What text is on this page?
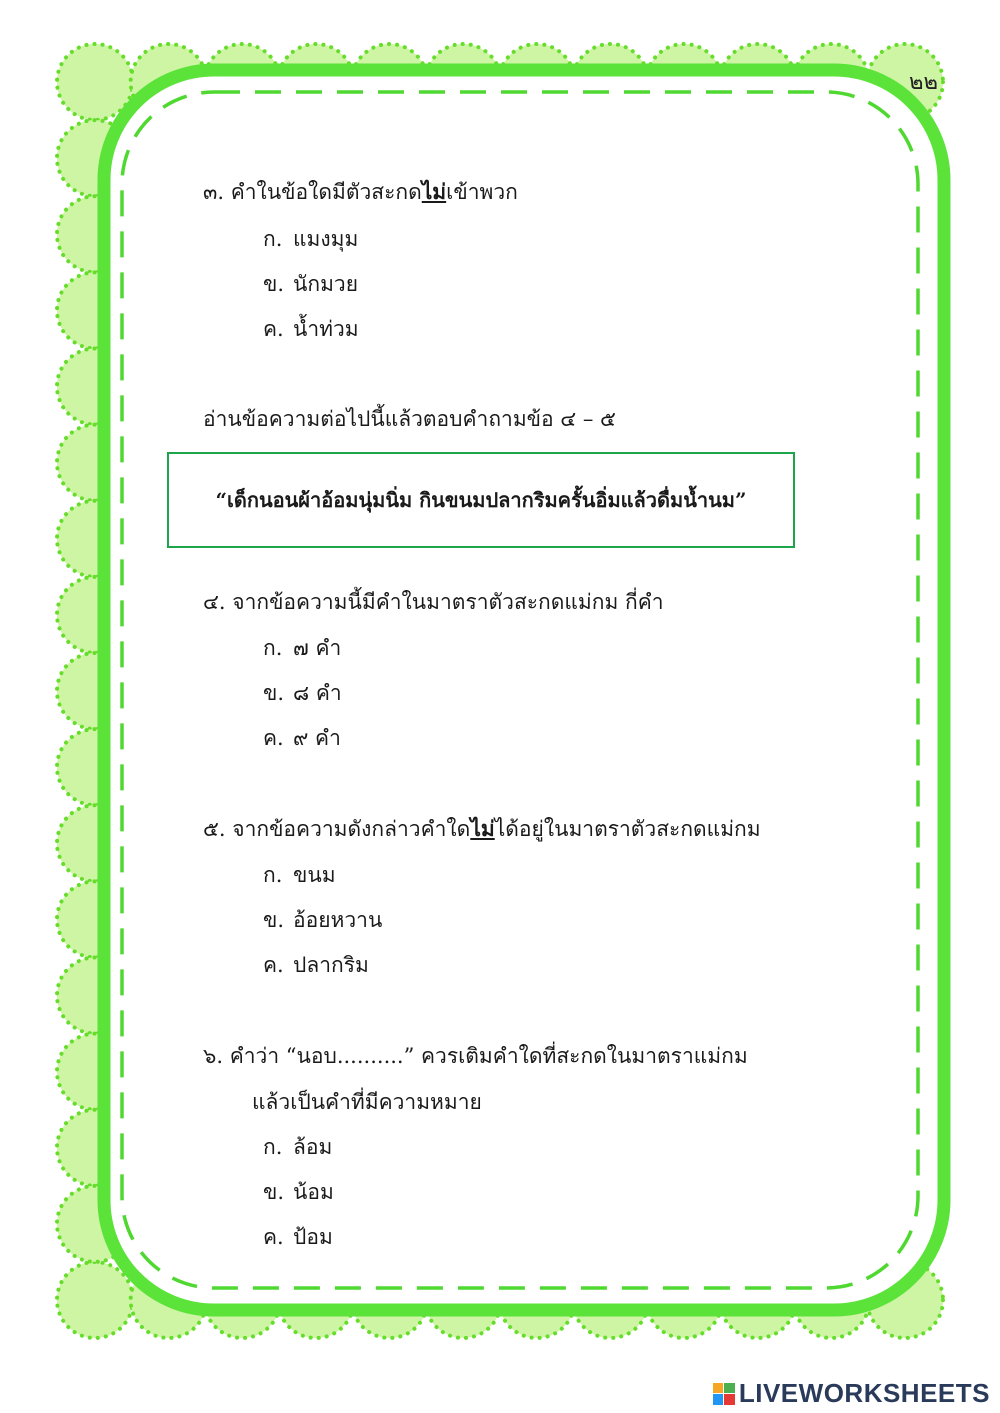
๒๒
๓. คำในข้อใดมีตัวสะกดไม่เข้าพวก
ก. แมงมุม
ข. นักมวย
ค. น้ำท่วม
อ่านข้อความต่อไปนี้แล้วตอบคำถามข้อ ๔ – ๕
“เด็กนอนผ้าอ้อมนุ่มนิ่ม กินขนมปลากริมครั้นอิ่มแล้วดื่มน้ำนม”
๔. จากข้อความนี้มีคำในมาตราตัวสะกดแม่กม กี่คำ
ก. ๗ คำ
ข. ๘ คำ
ค. ๙ คำ
๕. จากข้อความดังกล่าวคำใดไม่ได้อยู่ในมาตราตัวสะกดแม่กม
ก. ขนม
ข. อ้อยหวาน
ค. ปลากริม
๖. คำว่า “นอบ..........” ควรเติมคำใดที่สะกดในมาตราแม่กม
แล้วเป็นคำที่มีความหมาย
ก. ล้อม
ข. น้อม
ค. ป้อม
LIVEWORKSHEETS
